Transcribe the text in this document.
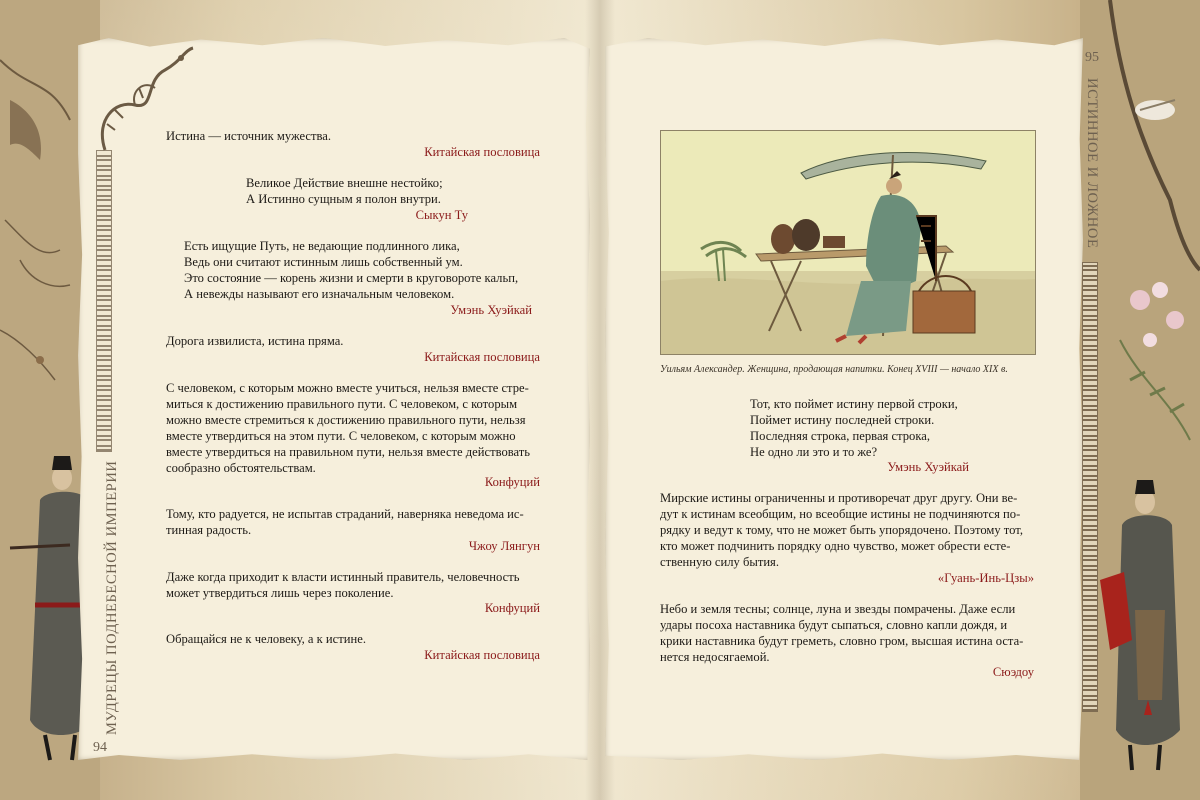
МУДРЕЦЫ ПОДНЕБЕСНОЙ ИМПЕРИИ
ИСТИННОЕ И ЛОЖНОЕ
94
95
Истина — источник мужества.
Китайская пословица
Великое Действие внешне нестойко;
А Истинно сущным я полон внутри.
Сыкун Ту
Есть ищущие Путь, не ведающие подлинного лика,
Ведь они считают истинным лишь собственный ум.
Это состояние — корень жизни и смерти в круговороте кальп,
А невежды называют его изначальным человеком.
Умэнь Хуэйкай
Дорога извилиста, истина пряма.
Китайская пословица
С человеком, с которым можно вместе учиться, нельзя вместе стре-
миться к достижению правильного пути. С человеком, с которым
можно вместе стремиться к достижению правильного пути, нельзя
вместе утвердиться на этом пути. С человеком, с которым можно
вместе утвердиться на правильном пути, нельзя вместе действовать
сообразно обстоятельствам.
Конфуций
Тому, кто радуется, не испытав страданий, наверняка неведома ис-
тинная радость.
Чжоу Лянгун
Даже когда приходит к власти истинный правитель, человечность
может утвердиться лишь через поколение.
Конфуций
Обращайся не к человеку, а к истине.
Китайская пословица
Уильям Александер. Женщина, продающая напитки. Конец XVIII — начало XIX в.
Тот, кто поймет истину первой строки,
Поймет истину последней строки.
Последняя строка, первая строка,
Не одно ли это и то же?
Умэнь Хуэйкай
Мирские истины ограниченны и противоречат друг другу. Они ве-
дут к истинам всеобщим, но всеобщие истины не подчиняются по-
рядку и ведут к тому, что не может быть упорядочено. Поэтому тот,
кто может подчинить порядку одно чувство, может обрести есте-
ственную силу бытия.
«Гуань-Инь-Цзы»
Небо и земля тесны; солнце, луна и звезды помрачены. Даже если
удары посоха наставника будут сыпаться, словно капли дождя, и
крики наставника будут греметь, словно гром, высшая истина оста-
нется недосягаемой.
Сюэдоу
